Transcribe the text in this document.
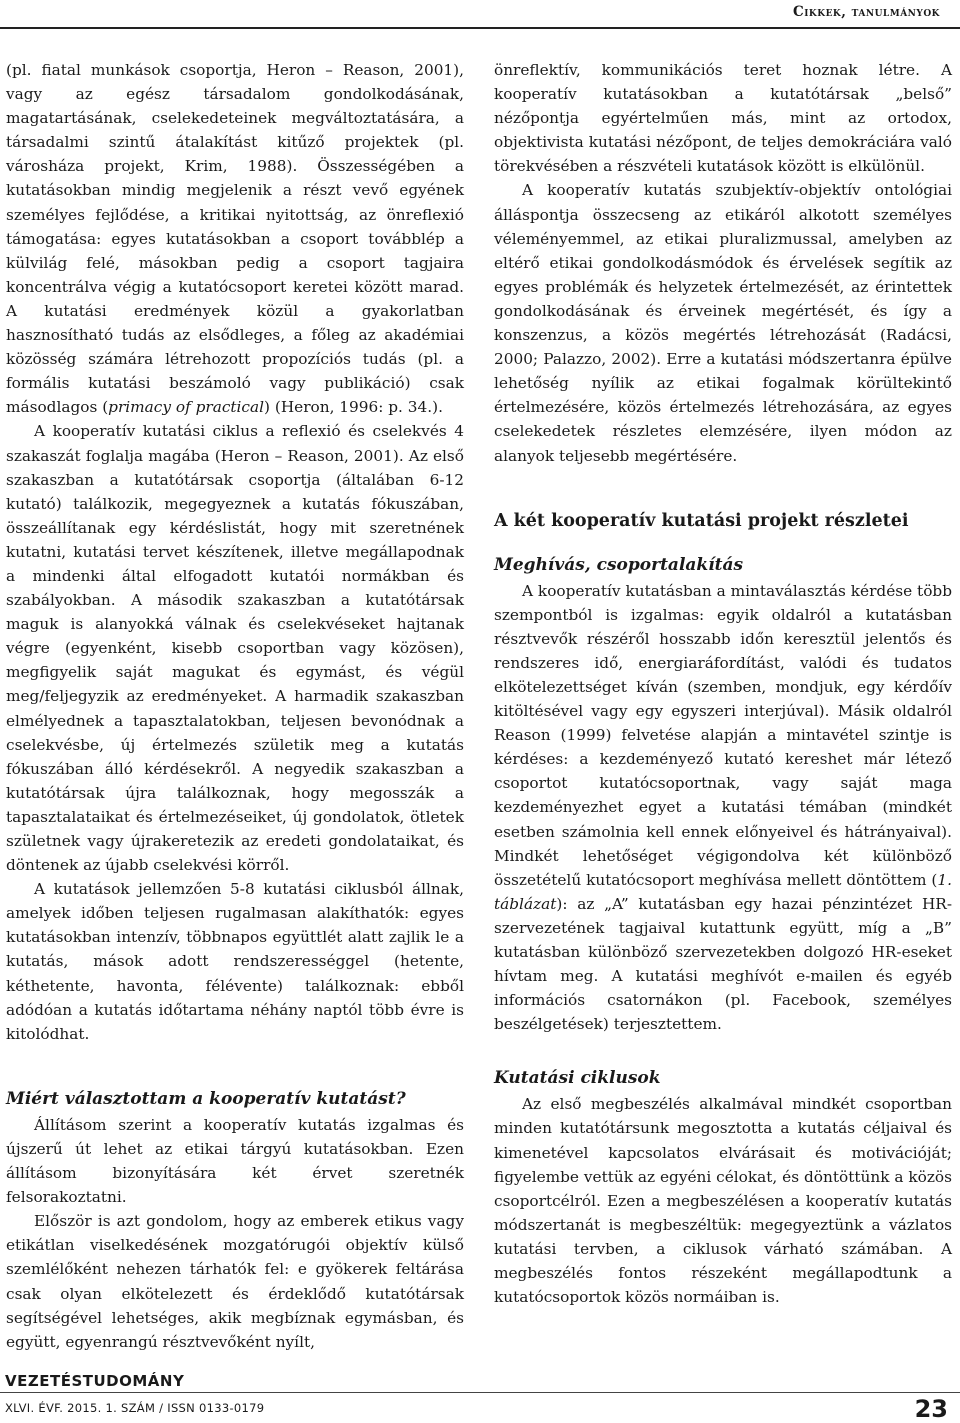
Cikkek, tanulmányok

(pl. fiatal munkások csoportja, Heron – Reason, 2001), vagy az egész társadalom gondolkodásának, magatartásának, cselekedeteinek megváltoztatására, a társadalmi szintű átalakítást kitűző projektek (pl. városháza projekt, Krim, 1988). Összességében a kutatásokban mindig megjelenik a részt vevő egyének személyes fejlődése, a kritikai nyitottság, az önreflexió támogatása: egyes kutatásokban a csoport továbblép a külvilág felé, másokban pedig a csoport tagjaira koncentrálva végig a kutatócsoport keretei között marad. A kutatási eredmények közül a gyakorlatban hasznosítható tudás az elsődleges, a főleg az akadémiai közösség számára létrehozott propozíciós tudás (pl. a formális kutatási beszámoló vagy publikáció) csak másodlagos (primacy of practical) (Heron, 1996: p. 34.).

A kooperatív kutatási ciklus a reflexió és cselekvés 4 szakaszát foglalja magába (Heron – Reason, 2001). Az első szakaszban a kutatótársak csoportja (általában 6-12 kutató) találkozik, megegyeznek a kutatás fókuszában, összeállítanak egy kérdéslistát, hogy mit szeretnének kutatni, kutatási tervet készítenek, illetve megállapodnak a mindenki által elfogadott kutatói normákban és szabályokban. A második szakaszban a kutatótársak maguk is alanyokká válnak és cselekvéseket hajtanak végre (egyenként, kisebb csoportban vagy közösen), megfigyelik saját magukat és egymást, és végül meg/feljegyzik az eredményeket. A harmadik szakaszban elmélyednek a tapasztalatokban, teljesen bevonódnak a cselekvésbe, új értelmezés születik meg a kutatás fókuszában álló kérdésekről. A negyedik szakaszban a kutatótársak újra találkoznak, hogy megosszák a tapasztalataikat és értelmezéseiket, új gondolatok, ötletek születnek vagy újrakeretezik az eredeti gondolataikat, és döntenek az újabb cselekvési körről.

A kutatások jellemzően 5-8 kutatási ciklusból állnak, amelyek időben teljesen rugalmasan alakíthatók: egyes kutatásokban intenzív, többnapos együttlét alatt zajlik le a kutatás, mások adott rendszerességgel (hetente, kéthetente, havonta, félévente) találkoznak: ebből adódóan a kutatás időtartama néhány naptól több évre is kitolódhat.

Miért választottam a kooperatív kutatást?

Állításom szerint a kooperatív kutatás izgalmas és újszerű út lehet az etikai tárgyú kutatásokban. Ezen állításom bizonyítására két érvet szeretnék felsorakoztatni.

Először is azt gondolom, hogy az emberek etikus vagy etikátlan viselkedésének mozgatórugói objektív külső szemlélőként nehezen tárhatók fel: e gyökerek feltárása csak olyan elkötelezett és érdeklődő kutatótársak segítségével lehetséges, akik megbíznak egymásban, és együtt, egyenrangú résztvevőként nyílt,

önreflektív, kommunikációs teret hoznak létre. A kooperatív kutatásokban a kutatótársak „belső” nézőpontja egyértelműen más, mint az ortodox, objektivista kutatási nézőpont, de teljes demokráciára való törekvésében a részvételi kutatások között is elkülönül.

A kooperatív kutatás szubjektív-objektív ontológiai álláspontja összecseng az etikáról alkotott személyes véleményemmel, az etikai pluralizmussal, amelyben az eltérő etikai gondolkodásmódok és érvelések segítik az egyes problémák és helyzetek értelmezését, az érintettek gondolkodásának és érveinek megértését, és így a konszenzus, a közös megértés létrehozását (Radácsi, 2000; Palazzo, 2002). Erre a kutatási módszertanra épülve lehetőség nyílik az etikai fogalmak körültekintő értelmezésére, közös értelmezés létrehozására, az egyes cselekedetek részletes elemzésére, ilyen módon az alanyok teljesebb megértésére.

A két kooperatív kutatási projekt részletei
Meghívás, csoportalakítás

A kooperatív kutatásban a mintaválasztás kérdése több szempontból is izgalmas: egyik oldalról a kutatásban résztvevők részéről hosszabb időn keresztül jelentős és rendszeres idő, energiaráfordítást, valódi és tudatos elkötelezettséget kíván (szemben, mondjuk, egy kérdőív kitöltésével vagy egy egyszeri interjúval). Másik oldalról Reason (1999) felvetése alapján a mintavétel szintje is kérdéses: a kezdeményező kutató kereshet már létező csoportot kutatócsoportnak, vagy saját maga kezdeményezhet egyet a kutatási témában (mindkét esetben számolnia kell ennek előnyeivel és hátrányaival). Mindkét lehetőséget végigondolva két különböző összetételű kutatócsoport meghívása mellett döntöttem (1. táblázat): az „A” kutatásban egy hazai pénzintézet HR-szervezetének tagjaival kutattunk együtt, míg a „B” kutatásban különböző szervezetekben dolgozó HR-eseket hívtam meg. A kutatási meghívót e-mailen és egyéb információs csatornákon (pl. Facebook, személyes beszélgetések) terjesztettem.

Kutatási ciklusok

Az első megbeszélés alkalmával mindkét csoportban minden kutatótársunk megosztotta a kutatás céljaival és kimenetével kapcsolatos elvárásait és motivációját; figyelembe vettük az egyéni célokat, és döntöttünk a közös csoportcélról. Ezen a megbeszélésen a kooperatív kutatás módszertanát is megbeszéltük: megegyeztünk a vázlatos kutatási tervben, a ciklusok várható számában. A megbeszélés fontos részeként megállapodtunk a kutatócsoportok közös normáiban is.

VEZETÉSTUDOMÁNY
XLVI. ÉVF. 2015. 1. SZÁM / ISSN 0133-0179	23
